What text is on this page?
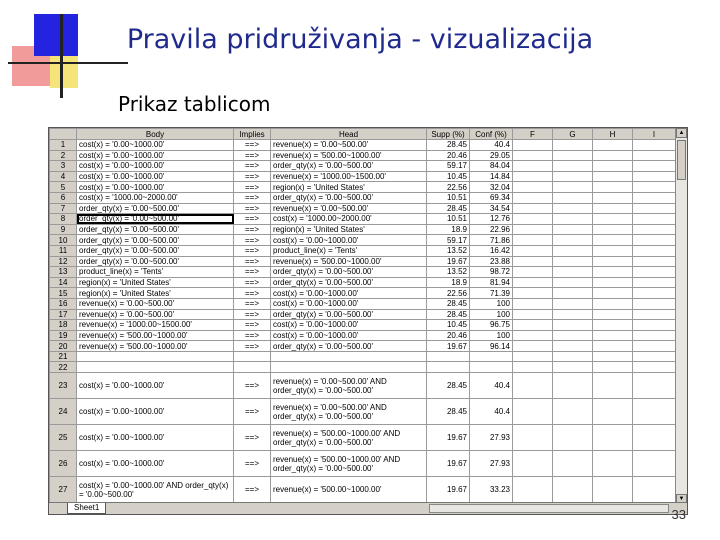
Pravila pridruživanja - vizualizacija
Prikaz tablicom
	Body	Implies	Head	Supp (%)	Conf (%)	F	G	H	I
1	cost(x) = '0.00~1000.00'	==>	revenue(x) = '0.00~500.00'	28.45	40.4				
2	cost(x) = '0.00~1000.00'	==>	revenue(x) = '500.00~1000.00'	20.46	29.05				
3	cost(x) = '0.00~1000.00'	==>	order_qty(x) = '0.00~500.00'	59.17	84.04				
4	cost(x) = '0.00~1000.00'	==>	revenue(x) = '1000.00~1500.00'	10.45	14.84				
5	cost(x) = '0.00~1000.00'	==>	region(x) = 'United States'	22.56	32.04				
6	cost(x) = '1000.00~2000.00'	==>	order_qty(x) = '0.00~500.00'	10.51	69.34				
7	order_qty(x) = '0.00~500.00'	==>	revenue(x) = '0.00~500.00'	28.45	34.54				
8	order_qty(x) = '0.00~500.00'	==>	cost(x) = '1000.00~2000.00'	10.51	12.76				
9	order_qty(x) = '0.00~500.00'	==>	region(x) = 'United States'	18.9	22.96				
10	order_qty(x) = '0.00~500.00'	==>	cost(x) = '0.00~1000.00'	59.17	71.86				
11	order_qty(x) = '0.00~500.00'	==>	product_line(x) = 'Tents'	13.52	16.42				
12	order_qty(x) = '0.00~500.00'	==>	revenue(x) = '500.00~1000.00'	19.67	23.88				
13	product_line(x) = 'Tents'	==>	order_qty(x) = '0.00~500.00'	13.52	98.72				
14	region(x) = 'United States'	==>	order_qty(x) = '0.00~500.00'	18.9	81.94				
15	region(x) = 'United States'	==>	cost(x) = '0.00~1000.00'	22.56	71.39				
16	revenue(x) = '0.00~500.00'	==>	cost(x) = '0.00~1000.00'	28.45	100				
17	revenue(x) = '0.00~500.00'	==>	order_qty(x) = '0.00~500.00'	28.45	100				
18	revenue(x) = '1000.00~1500.00'	==>	cost(x) = '0.00~1000.00'	10.45	96.75				
19	revenue(x) = '500.00~1000.00'	==>	cost(x) = '0.00~1000.00'	20.46	100				
20	revenue(x) = '500.00~1000.00'	==>	order_qty(x) = '0.00~500.00'	19.67	96.14				
21									
22									
23	cost(x) = '0.00~1000.00'	==>	revenue(x) = '0.00~500.00' AND order_qty(x) = '0.00~500.00'	28.45	40.4				
24	cost(x) = '0.00~1000.00'	==>	revenue(x) = '0.00~500.00' AND order_qty(x) = '0.00~500.00'	28.45	40.4				
25	cost(x) = '0.00~1000.00'	==>	revenue(x) = '500.00~1000.00' AND order_qty(x) = '0.00~500.00'	19.67	27.93				
26	cost(x) = '0.00~1000.00'	==>	revenue(x) = '500.00~1000.00' AND order_qty(x) = '0.00~500.00'	19.67	27.93				
27	cost(x) = '0.00~1000.00' AND order_qty(x) = '0.00~500.00'	==>	revenue(x) = '500.00~1000.00'	19.67	33.23				
▲
▼
Sheet1	33
